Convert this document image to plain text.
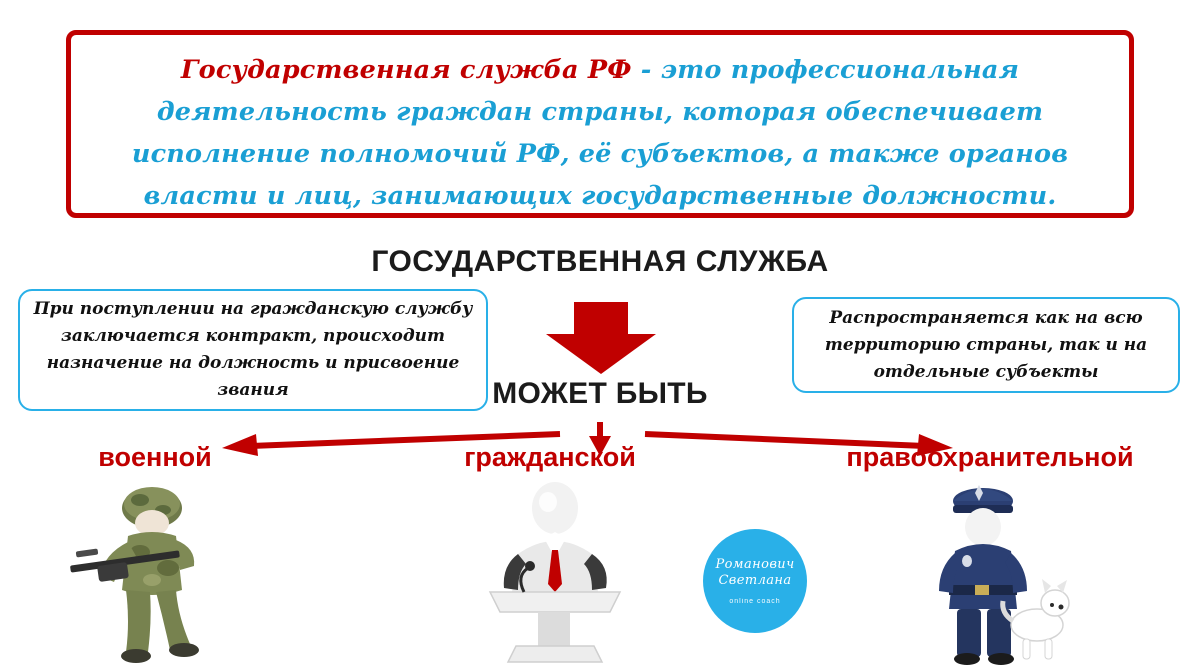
Государственная служба РФ - это профессиональная деятельность граждан страны, которая обеспечивает исполнение полномочий РФ, её субъектов, а также органов власти и лиц, занимающих государственные должности.
ГОСУДАРСТВЕННАЯ СЛУЖБА
При поступлении на гражданскую службу заключается контракт, происходит назначение на должность и присвоение звания
Распространяется как на всю территорию страны, так и на отдельные субъекты
МОЖЕТ БЫТЬ
военной	гражданской	правоохранительной
Романович
Светлана
online coach
